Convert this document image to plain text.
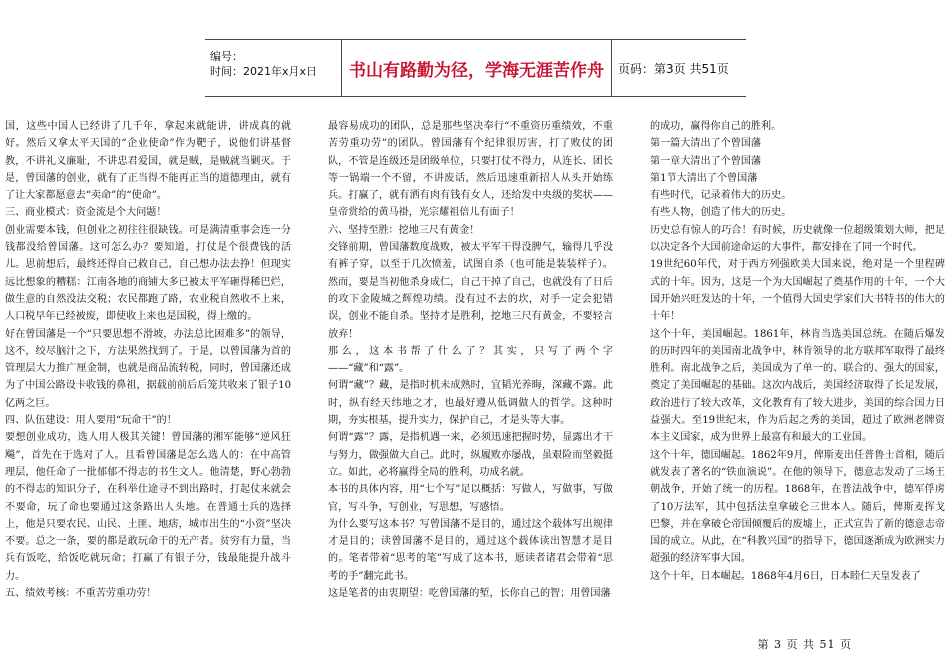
编号：
时间：2021年x月x日	书山有路勤为径，学海无涯苦作舟	页码：第3页 共51页

国，这些中国人已经讲了几千年，拿起来就能讲，讲成真的就好。然后又拿太平天国的“企业使命”作为靶子，说他们讲基督教，不讲礼义廉耻，不讲忠君爱国，就是贼，是贼就当剿灭。于是，曾国藩的创业，就有了正当得不能再正当的道德理由，就有了让大家都愿意去“卖命”的“使命”。

三、商业模式：资金流是个大问题！

创业需要本钱，但创业之初往往很缺钱。可是满清重事会连一分钱都没给曾国藩。这可怎么办？要知道，打仗是个很费钱的活儿。思前想后，最终还得自己救自己，自己想办法去挣！但现实远比想象的糟糕：江南各地的商铺大多已被太平军砸得稀巴烂，做生意的自然没法交税；农民都跑了路，农业税自然收不上来，人口税早年已经被废，即使收上来也是国税，得上缴的。

好在曾国藩是一个“只要思想不滑坡，办法总比困难多”的领导，这不，绞尽脑汁之下，方法果然找到了。于是，以曾国藩为首的管理层大力推广厘金制，也就是商品流转税，同时，曾国藩还成为了中国公路设卡收钱的鼻祖，据载前前后后笼共收来了银子10亿两之巨。

四、队伍建设：用人要用“玩命干”的！

要想创业成功，选人用人极其关键！曾国藩的湘军能够“逆风狂飚”，首先在于选对了人。且看曾国藩是怎么选人的：在中高管理层，他任命了一批郁郁不得志的书生文人。他清楚，野心勃勃的不得志的知识分子，在科举仕途寻不到出路时，打起仗来就会不要命，玩了命也要通过这条路出人头地。在普通士兵的选择上，他是只要农民、山民、土匪、地痞，城市出生的“小资”坚决不要。总之一条，要的都是敢玩命干的无产者。贫穷有力量，当兵有饭吃，给饭吃就玩命；打赢了有银子分，钱最能提升战斗力。

五、绩效考核：不重苦劳重功劳！

最容易成功的团队，总是那些坚决奉行“不重资历重绩效，不重苦劳重功劳”的团队。曾国藩有个纪律很厉害，打了败仗的团队，不管是连级还是团级单位，只要打仗不得力，从连长、团长等一锅端一个不留，不讲废话，然后迅速重新招人从头开始练兵。打赢了，就有洒有肉有钱有女人，还给发中央级的奖状——皇帝赏给的黄马褂，光宗耀祖倍儿有面子！

六、坚持至胜：挖地三尺有黄金！

交锋前期，曾国藩数度战败，被太平军干得没脾气，输得几乎没有裤子穿，以至于几次愤羞，试图自杀（也可能是装装样子）。然而，要是当初他杀身成仁，自己干掉了自己，也就没有了日后的攻下金陵城之辉煌功绩。没有过不去的坎，对手一定会犯错误，创业不能自杀。坚持才是胜利，挖地三尺有黄金，不要轻言放弃！

那么，这本书帮了什么了？其实，只写了两个字——“藏”和“露”。

何谓“藏”？藏，是指时机未成熟时，宜韬光养晦，深藏不露。此时，纵有经天纬地之才，也最好遵从低调做人的哲学。这种时期，夯实根基，提升实力，保护自己，才是头等大事。

何谓“露”？露，是指机遇一来，必须迅速把握时势，显露出才干与努力，做强做大自己。此时，纵履败亦屡战，虽艰险而坚毅挺立。如此，必将赢得全局的胜利，功成名就。

本书的具体内容，用“七个写”足以概括：写做人，写做事，写做官，写斗争，写创业，写思想，写感悟。

为什么要写这本书？写曾国藩不是目的，通过这个载体写出规律才是目的；读曾国藩不是目的，通过这个载体读出智慧才是目的。笔者带着“思考的笔”写成了这本书，愿读者诸君会带着“思考的手”翻完此书。

这是笔者的由衷期望：吃曾国藩的堑，长你自己的智；用曾国藩

的成功，赢得你自己的胜利。

第一篇大清出了个曾国藩

第一章大清出了个曾国藩

第1节大清出了个曾国藩

有些时代，记录着伟大的历史。

有些人物，创造了伟大的历史。

历史总有惊人的巧合！有时候，历史就像一位超级策划大师，把足以决定各个大国前途命运的大事件，都安排在了同一个时代。

19世纪60年代，对于西方列强欧美大国来说，绝对是一个里程碑式的十年。因为，这是一个为大国崛起了奠基作用的十年，一个大国开始兴旺发达的十年，一个值得大国史学家们大书特书的伟大的十年！

这个十年，美国崛起。1861年，林肯当选美国总统。在随后爆发的历时四年的美国南北战争中，林肯领导的北方联邦军取得了最终胜利。南北战争之后，美国成为了单一的、联合的、强大的国家，奠定了美国崛起的基础。这次内战后，美国经济取得了长足发展，政治进行了较大改革，文化教育有了较大进步，美国的综合国力日益强大。至19世纪末，作为后起之秀的美国，超过了欧洲老牌资本主义国家，成为世界上最富有和最大的工业国。

这个十年，德国崛起。1862年9月，俾斯麦出任普鲁士首相，随后就发表了著名的“铁血演说”。在他的领导下，德意志发动了三场王朝战争，开始了统一的历程。1868年，在普法战争中，德军俘虏了10万法军，其中包括法皇拿破仑三世本人。随后，俾斯麦挥戈巴黎，并在拿破仑帝国倾覆后的废墟上，正式宣告了新的德意志帝国的成立。从此，在“科教兴国”的指导下，德国逐渐成为欧洲实力超强的经济军事大国。

这个十年，日本崛起。1868年4月6日，日本睦仁天皇发表了

第 3 页 共 51 页
